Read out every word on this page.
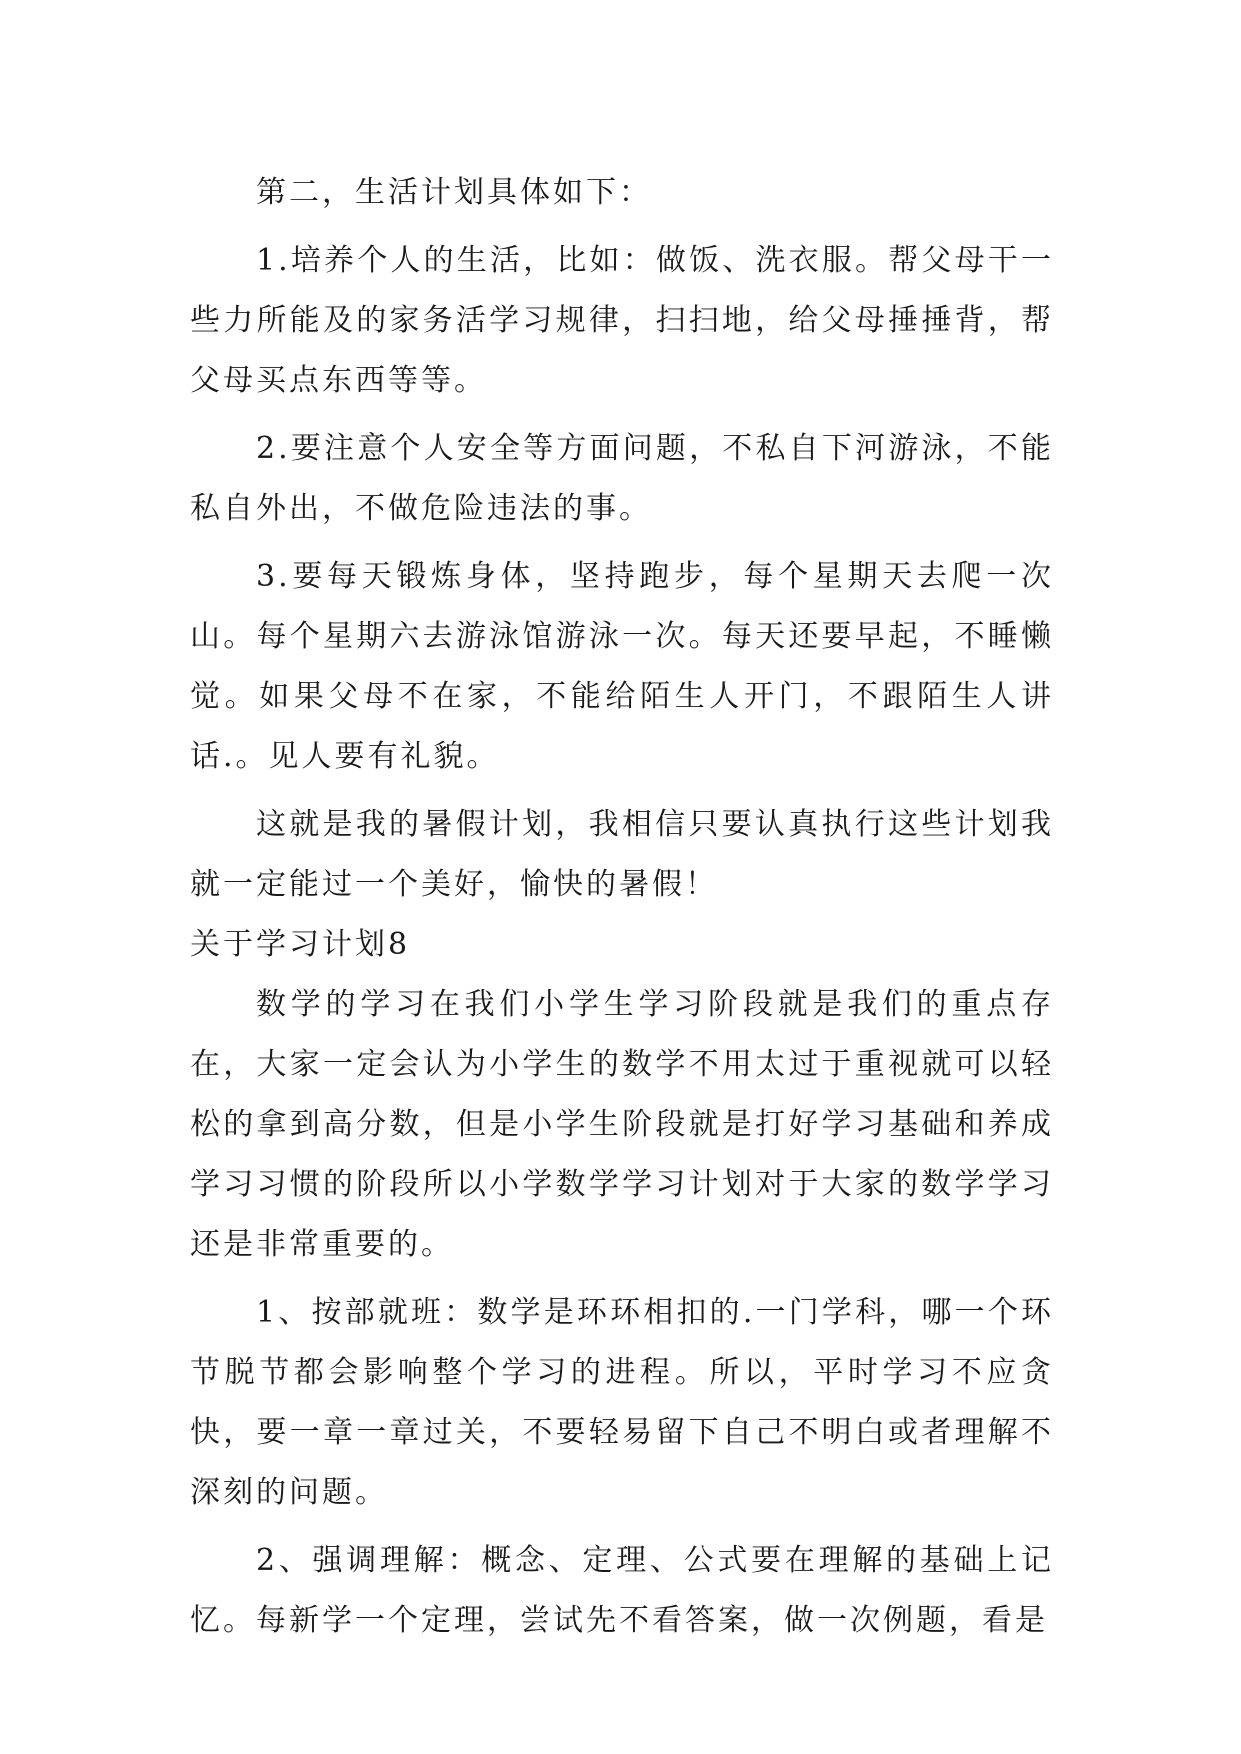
第二，生活计划具体如下：

1.培养个人的生活，比如：做饭、洗衣服。帮父母干一些力所能及的家务活学习规律，扫扫地，给父母捶捶背，帮父母买点东西等等。

2.要注意个人安全等方面问题，不私自下河游泳，不能私自外出，不做危险违法的事。

3.要每天锻炼身体，坚持跑步，每个星期天去爬一次山。每个星期六去游泳馆游泳一次。每天还要早起，不睡懒觉。如果父母不在家，不能给陌生人开门，不跟陌生人讲话.。见人要有礼貌。

这就是我的暑假计划，我相信只要认真执行这些计划我就一定能过一个美好，愉快的暑假！

关于学习计划8

数学的学习在我们小学生学习阶段就是我们的重点存在，大家一定会认为小学生的数学不用太过于重视就可以轻松的拿到高分数，但是小学生阶段就是打好学习基础和养成学习习惯的阶段所以小学数学学习计划对于大家的数学学习还是非常重要的。

1、按部就班：数学是环环相扣的.一门学科，哪一个环节脱节都会影响整个学习的进程。所以，平时学习不应贪快，要一章一章过关，不要轻易留下自己不明白或者理解不深刻的问题。

2、强调理解：概念、定理、公式要在理解的基础上记忆。每新学一个定理，尝试先不看答案，做一次例题，看是
